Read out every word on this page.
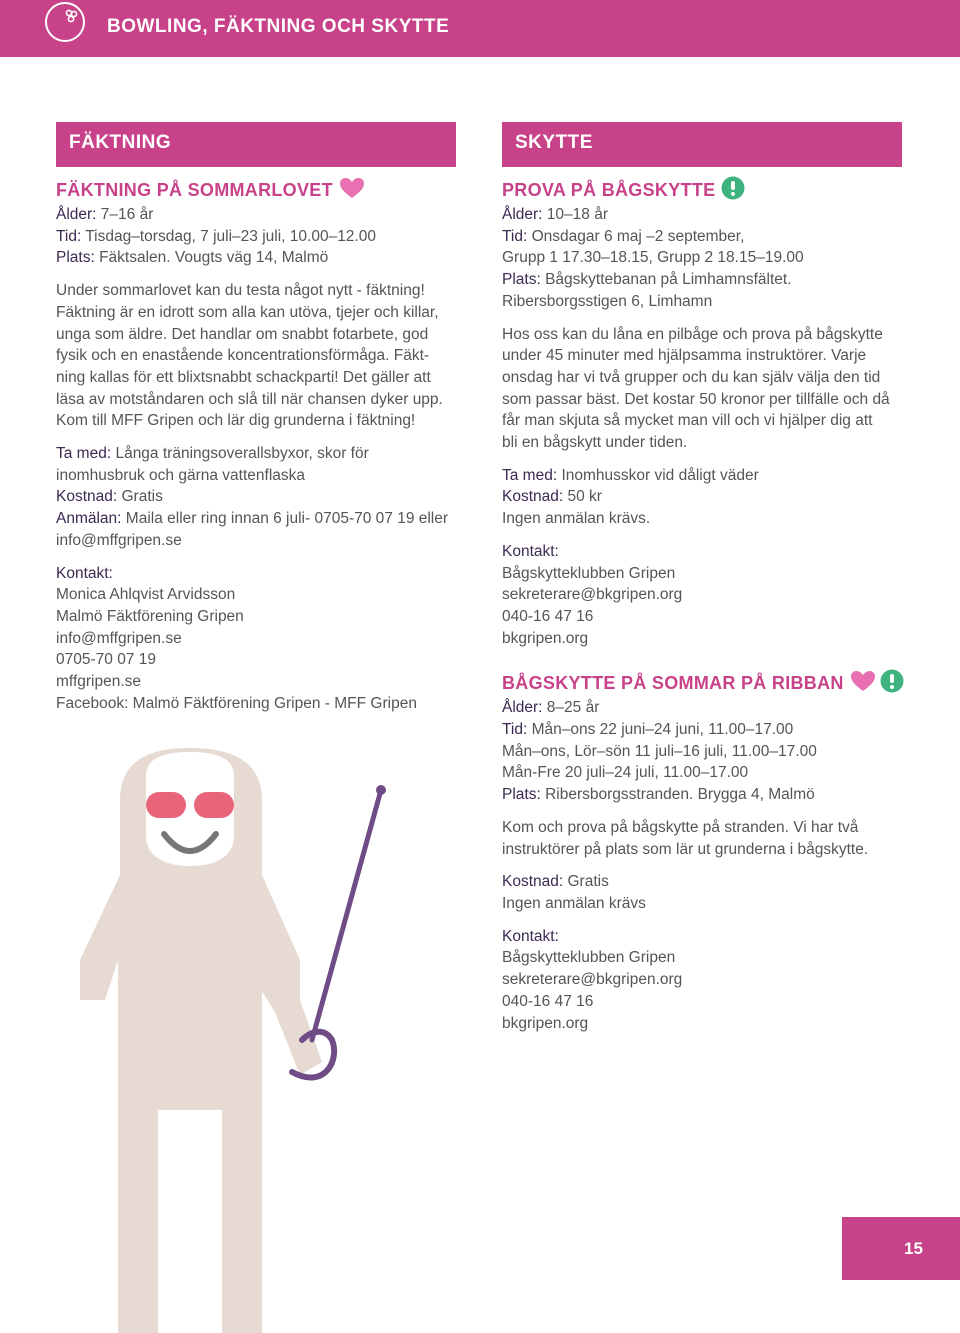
BOWLING, FÄKTNING OCH SKYTTE
FÄKTNING
FÄKTNING PÅ SOMMARLOVET
Ålder: 7–16 år
Tid: Tisdag–torsdag, 7 juli–23 juli, 10.00–12.00
Plats: Fäktsalen. Vougts väg 14, Malmö
Under sommarlovet kan du testa något nytt - fäktning!
Fäktning är en idrott som alla kan utöva, tjejer och killar,
unga som äldre. Det handlar om snabbt fotarbete, god
fysik och en enastående koncentrationsförmåga. Fäkt-
ning kallas för ett blixtsnabbt schackparti! Det gäller att
läsa av motståndaren och slå till när chansen dyker upp.
Kom till MFF Gripen och lär dig grunderna i fäktning!
Ta med: Långa träningsoverallsbyxor, skor för
inomhusbruk och gärna vattenflaska
Kostnad: Gratis
Anmälan: Maila eller ring innan 6 juli- 0705-70 07 19 eller
info@mffgripen.se
Kontakt:
Monica Ahlqvist Arvidsson
Malmö Fäktförening Gripen
info@mffgripen.se
0705-70 07 19
mffgripen.se
Facebook: Malmö Fäktförening Gripen - MFF Gripen
SKYTTE
PROVA PÅ BÅGSKYTTE
Ålder: 10–18 år
Tid: Onsdagar 6 maj –2 september,
Grupp 1 17.30–18.15, Grupp 2 18.15–19.00
Plats: Bågskyttebanan på Limhamnsfältet.
Ribersborgsstigen 6, Limhamn
Hos oss kan du låna en pilbåge och prova på bågskytte
under 45 minuter med hjälpsamma instruktörer. Varje
onsdag har vi två grupper och du kan själv välja den tid
som passar bäst. Det kostar 50 kronor per tillfälle och då
får man skjuta så mycket man vill och vi hjälper dig att
bli en bågskytt under tiden.
Ta med: Inomhusskor vid dåligt väder
Kostnad: 50 kr
Ingen anmälan krävs.
Kontakt:
Bågskytteklubben Gripen
sekreterare@bkgripen.org
040-16 47 16
bkgripen.org
BÅGSKYTTE PÅ SOMMAR PÅ RIBBAN
Ålder: 8–25 år
Tid: Mån–ons 22 juni–24 juni, 11.00–17.00
Mån–ons, Lör–sön 11 juli–16 juli, 11.00–17.00
Mån-Fre 20 juli–24 juli, 11.00–17.00
Plats: Ribersborgsstranden. Brygga 4, Malmö
Kom och prova på bågskytte på stranden. Vi har två
instruktörer på plats som lär ut grunderna i bågskytte.
Kostnad: Gratis
Ingen anmälan krävs
Kontakt:
Bågskytteklubben Gripen
sekreterare@bkgripen.org
040-16 47 16
bkgripen.org
15
